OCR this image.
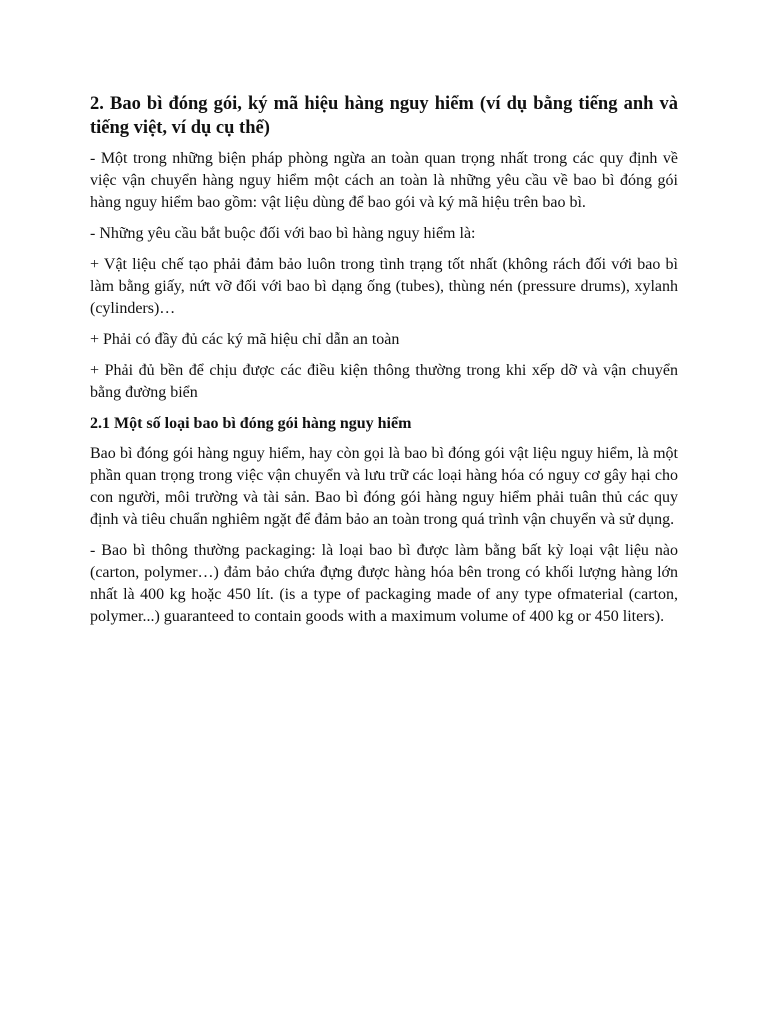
2. Bao bì đóng gói, ký mã hiệu hàng nguy hiểm (ví dụ bằng tiếng anh và tiếng việt, ví dụ cụ thể)

- Một trong những biện pháp phòng ngừa an toàn quan trọng nhất trong các quy định về việc vận chuyển hàng nguy hiểm một cách an toàn là những yêu cầu về bao bì đóng gói hàng nguy hiểm bao gồm: vật liệu dùng để bao gói và ký mã hiệu trên bao bì.

- Những yêu cầu bắt buộc đối với bao bì hàng nguy hiểm là:

+ Vật liệu chế tạo phải đảm bảo luôn trong tình trạng tốt nhất (không rách đối với bao bì làm bằng giấy, nứt vỡ đối với bao bì dạng ống (tubes), thùng nén (pressure drums), xylanh (cylinders)…

+ Phải có đầy đủ các ký mã hiệu chỉ dẫn an toàn

+ Phải đủ bền để chịu được các điều kiện thông thường trong khi xếp dỡ và vận chuyển bằng đường biển

2.1 Một số loại bao bì đóng gói hàng nguy hiểm

Bao bì đóng gói hàng nguy hiểm, hay còn gọi là bao bì đóng gói vật liệu nguy hiểm, là một phần quan trọng trong việc vận chuyển và lưu trữ các loại hàng hóa có nguy cơ gây hại cho con người, môi trường và tài sản. Bao bì đóng gói hàng nguy hiểm phải tuân thủ các quy định và tiêu chuẩn nghiêm ngặt để đảm bảo an toàn trong quá trình vận chuyển và sử dụng.

- Bao bì thông thường packaging: là loại bao bì được làm bằng bất kỳ loại vật liệu nào (carton, polymer…) đảm bảo chứa đựng được hàng hóa bên trong có khối lượng hàng lớn nhất là 400 kg hoặc 450 lít. (is a type of packaging made of any type ofmaterial (carton, polymer...) guaranteed to contain goods with a maximum volume of 400 kg or 450 liters).
